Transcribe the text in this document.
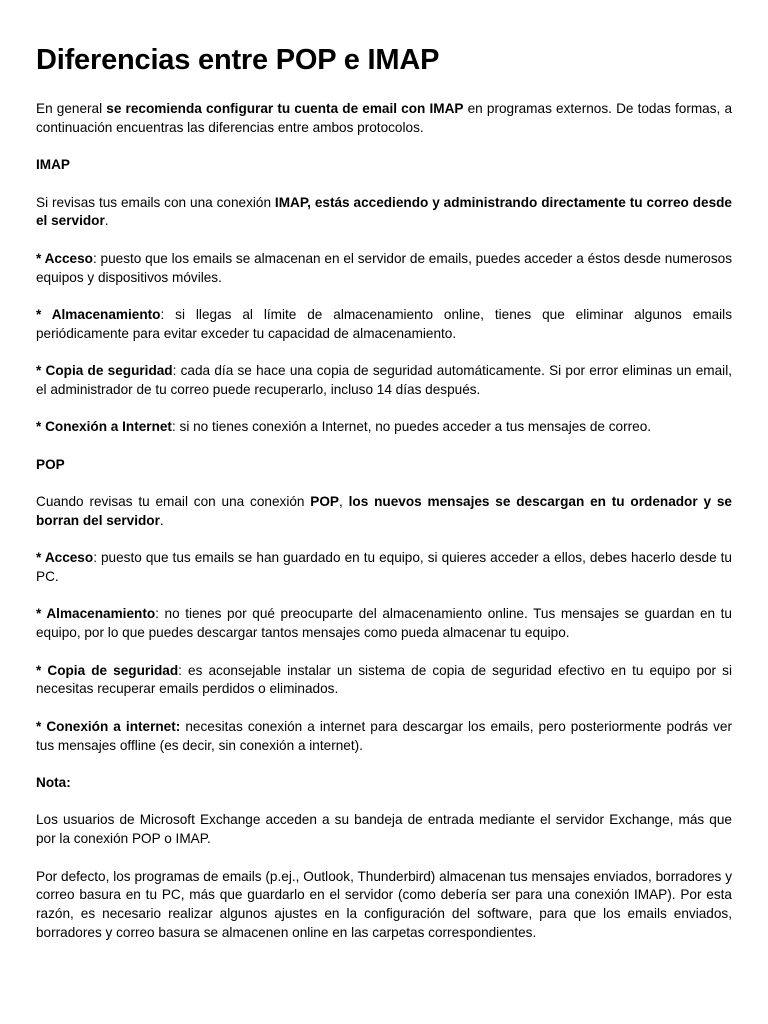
Diferencias entre POP e IMAP

En general se recomienda configurar tu cuenta de email con IMAP en programas externos. De todas formas, a continuación encuentras las diferencias entre ambos protocolos.

IMAP

Si revisas tus emails con una conexión IMAP, estás accediendo y administrando directamente tu correo desde el servidor.

* Acceso: puesto que los emails se almacenan en el servidor de emails, puedes acceder a éstos desde numerosos equipos y dispositivos móviles.

* Almacenamiento: si llegas al límite de almacenamiento online, tienes que eliminar algunos emails periódicamente para evitar exceder tu capacidad de almacenamiento.

* Copia de seguridad: cada día se hace una copia de seguridad automáticamente. Si por error eliminas un email, el administrador de tu correo puede recuperarlo, incluso 14 días después.

* Conexión a Internet: si no tienes conexión a Internet, no puedes acceder a tus mensajes de correo.

POP

Cuando revisas tu email con una conexión POP, los nuevos mensajes se descargan en tu ordenador y se borran del servidor.

* Acceso: puesto que tus emails se han guardado en tu equipo, si quieres acceder a ellos, debes hacerlo desde tu PC.

* Almacenamiento: no tienes por qué preocuparte del almacenamiento online. Tus mensajes se guardan en tu equipo, por lo que puedes descargar tantos mensajes como pueda almacenar tu equipo.

* Copia de seguridad: es aconsejable instalar un sistema de copia de seguridad efectivo en tu equipo por si necesitas recuperar emails perdidos o eliminados.

* Conexión a internet: necesitas conexión a internet para descargar los emails, pero posteriormente podrás ver tus mensajes offline (es decir, sin conexión a internet).

Nota:

Los usuarios de Microsoft Exchange acceden a su bandeja de entrada mediante el servidor Exchange, más que por la conexión POP o IMAP.

Por defecto, los programas de emails (p.ej., Outlook, Thunderbird) almacenan tus mensajes enviados, borradores y correo basura en tu PC, más que guardarlo en el servidor (como debería ser para una conexión IMAP). Por esta razón, es necesario realizar algunos ajustes en la configuración del software, para que los emails enviados, borradores y correo basura se almacenen online en las carpetas correspondientes.
